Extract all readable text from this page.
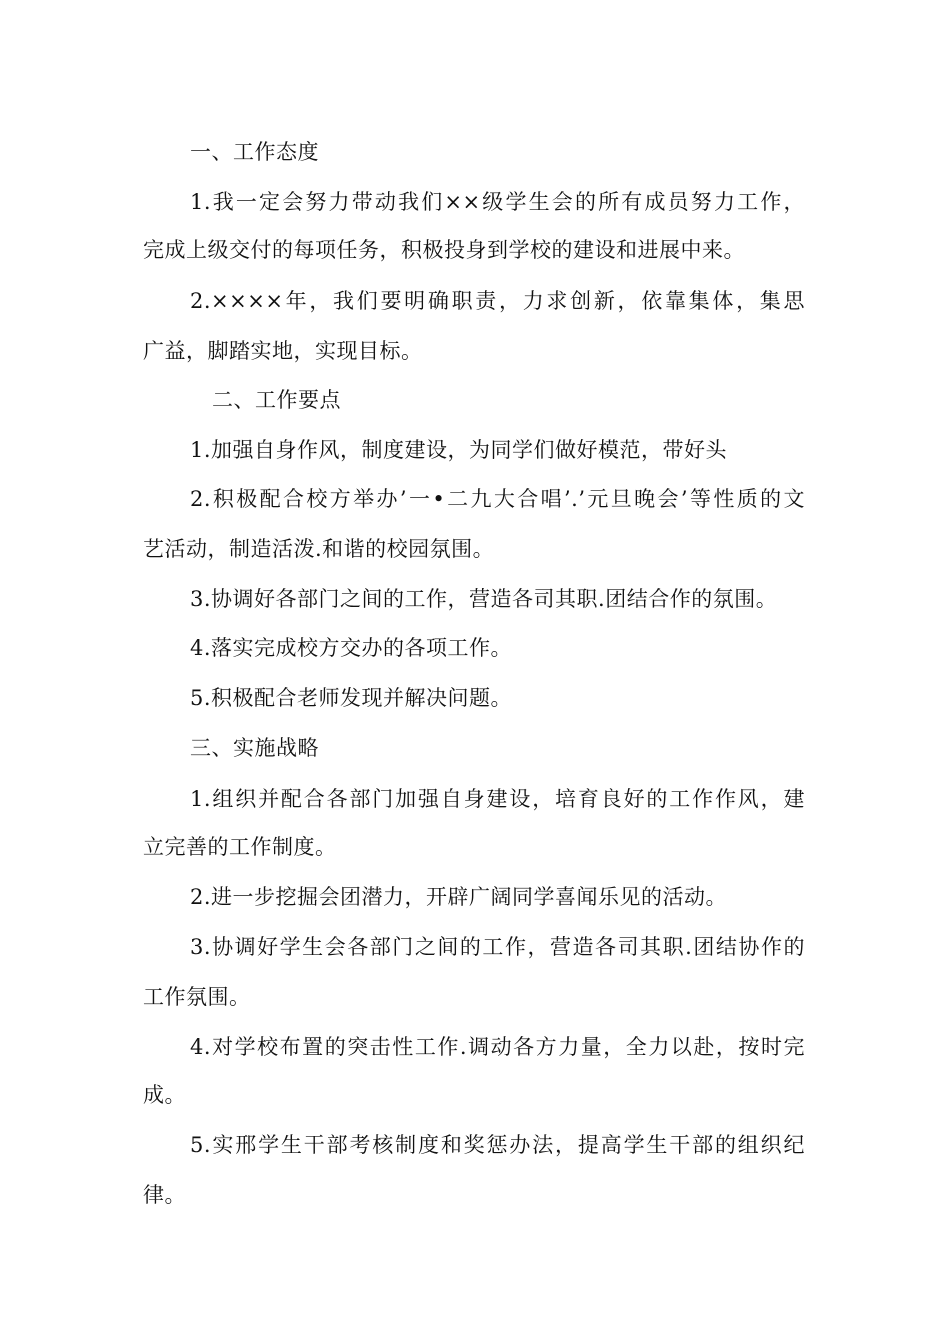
一、工作态度
1.我一定会努力带动我们××级学生会的所有成员努力工作，
完成上级交付的每项任务，积极投身到学校的建设和进展中来。
2.××××年，我们要明确职责，力求创新，依靠集体，集思
广益，脚踏实地，实现目标。
二、工作要点
1.加强自身作风，制度建设，为同学们做好模范，带好头
2.积极配合校方举办’一•二九大合唱’.’元旦晚会’等性质的文
艺活动，制造活泼.和谐的校园氛围。
3.协调好各部门之间的工作，营造各司其职.团结合作的氛围。
4.落实完成校方交办的各项工作。
5.积极配合老师发现并解决问题。
三、实施战略
1.组织并配合各部门加强自身建设，培育良好的工作作风，建
立完善的工作制度。
2.进一步挖掘会团潜力，开辟广阔同学喜闻乐见的活动。
3.协调好学生会各部门之间的工作，营造各司其职.团结协作的
工作氛围。
4.对学校布置的突击性工作.调动各方力量，全力以赴，按时完
成。
5.实邢学生干部考核制度和奖惩办法，提高学生干部的组织纪
律。
